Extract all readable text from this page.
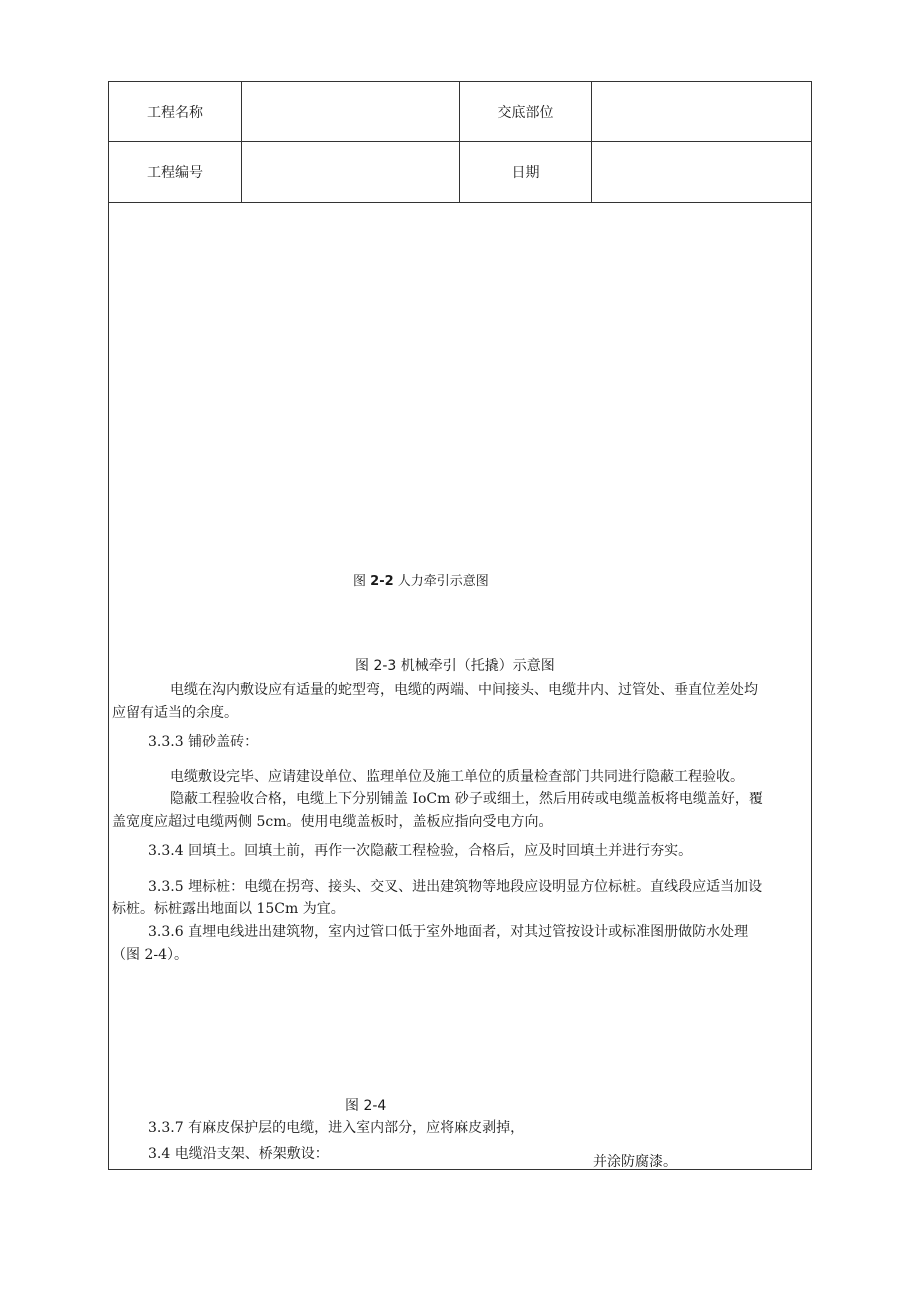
工程名称	交底部位
工程编号	日期
图 2-2 人力牵引示意图
图 2-3 机械牵引（托撬）示意图
电缆在沟内敷设应有适量的蛇型弯，电缆的两端、中间接头、电缆井内、过管处、垂直位差处均
应留有适当的余度。
3.3.3 铺砂盖砖：
电缆敷设完毕、应请建设单位、监理单位及施工单位的质量检查部门共同进行隐蔽工程验收。
隐蔽工程验收合格，电缆上下分别铺盖 IoCm 砂子或细土，然后用砖或电缆盖板将电缆盖好，覆
盖宽度应超过电缆两侧 5cm。使用电缆盖板时，盖板应指向受电方向。
3.3.4 回填土。回填土前，再作一次隐蔽工程检验，合格后，应及时回填土并进行夯实。
3.3.5 埋标桩：电缆在拐弯、接头、交叉、进出建筑物等地段应设明显方位标桩。直线段应适当加设
标桩。标桩露出地面以 15Cm 为宜。
3.3.6 直埋电线进出建筑物，室内过管口低于室外地面者，对其过管按设计或标准图册做防水处理
（图 2-4）。
图 2-4
3.3.7 有麻皮保护层的电缆，进入室内部分，应将麻皮剥掉，
3.4 电缆沿支架、桥架敷设：	并涂防腐漆。
